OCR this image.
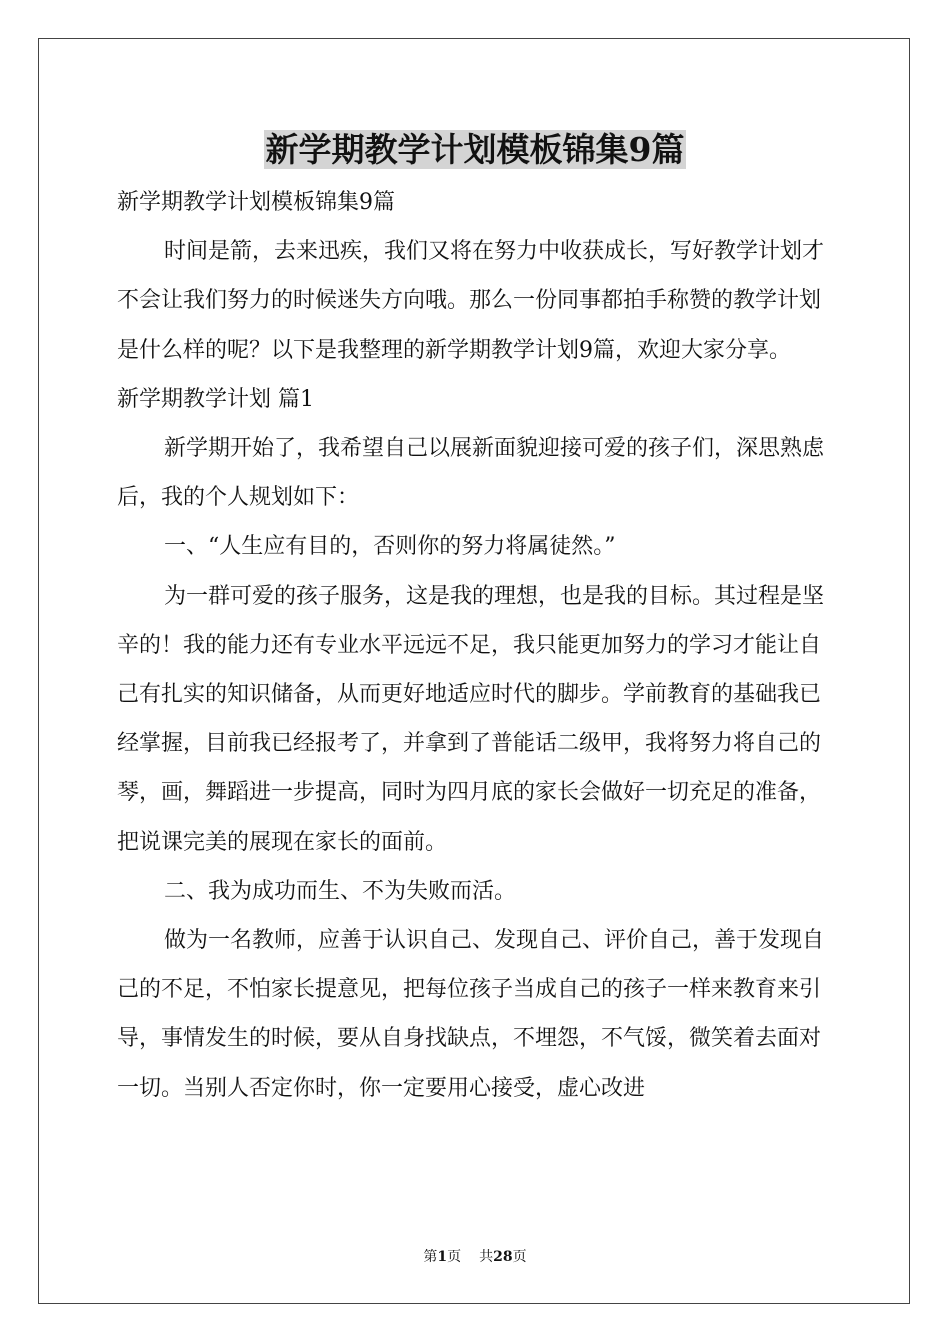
新学期教学计划模板锦集9篇

新学期教学计划模板锦集9篇

时间是箭，去来迅疾，我们又将在努力中收获成长，写好教学计划才不会让我们努力的时候迷失方向哦。那么一份同事都拍手称赞的教学计划是什么样的呢？以下是我整理的新学期教学计划9篇，欢迎大家分享。

新学期教学计划 篇1

新学期开始了，我希望自己以展新面貌迎接可爱的孩子们，深思熟虑后，我的个人规划如下：

一、“人生应有目的，否则你的努力将属徒然。”

为一群可爱的孩子服务，这是我的理想，也是我的目标。其过程是坚辛的！我的能力还有专业水平远远不足，我只能更加努力的学习才能让自己有扎实的知识储备，从而更好地适应时代的脚步。学前教育的基础我已经掌握，目前我已经报考了，并拿到了普能话二级甲，我将努力将自己的琴，画，舞蹈进一步提高，同时为四月底的家长会做好一切充足的准备，把说课完美的展现在家长的面前。

二、我为成功而生、不为失败而活。

做为一名教师，应善于认识自己、发现自己、评价自己，善于发现自己的不足，不怕家长提意见，把每位孩子当成自己的孩子一样来教育来引导，事情发生的时候，要从自身找缺点，不埋怨，不气馁，微笑着去面对一切。当别人否定你时，你一定要用心接受，虚心改进

第1页 共28页
